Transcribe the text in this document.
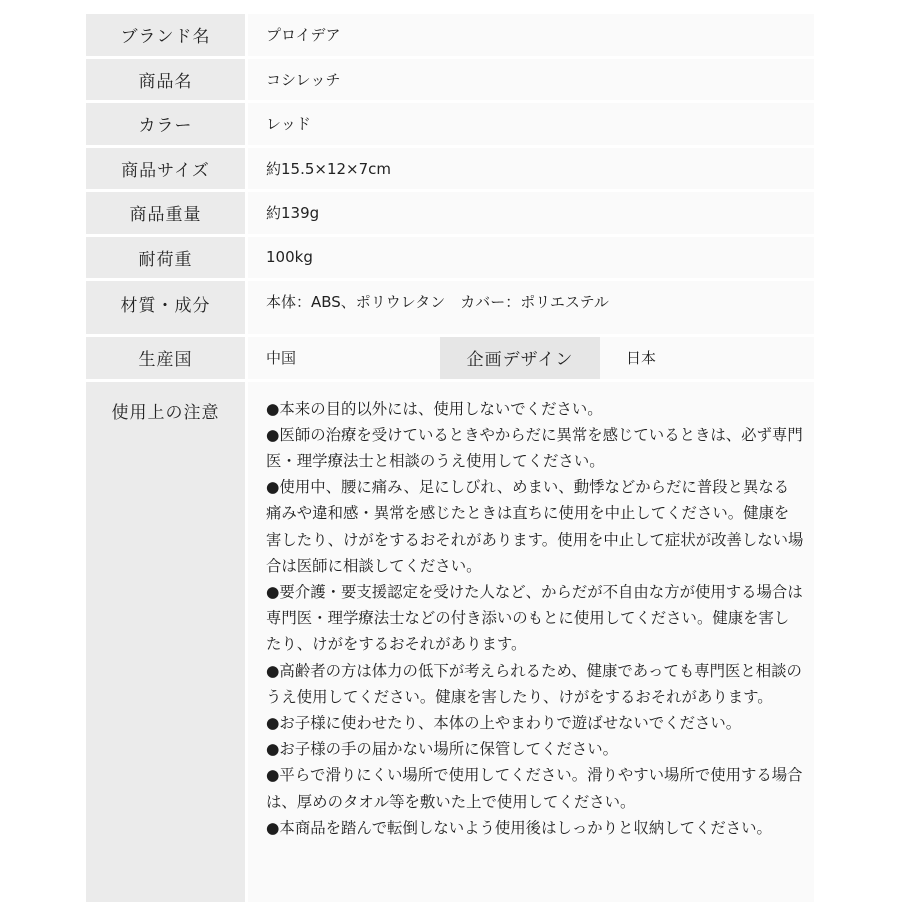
ブランド名	プロイデア
商品名	コシレッチ
カラー	レッド
商品サイズ	約15.5×12×7cm
商品重量	約139g
耐荷重	100kg
材質・成分	本体：ABS、ポリウレタン　カバー：ポリエステル
生産国	中国	企画デザイン	日本
使用上の注意	●本来の目的以外には、使用しないでください。

●医師の治療を受けているときやからだに異常を感じているときは、必ず専門医・理学療法士と相談のうえ使用してください。

●使用中、腰に痛み、足にしびれ、めまい、動悸などからだに普段と異なる痛みや違和感・異常を感じたときは直ちに使用を中止してください。健康を害したり、けがをするおそれがあります。使用を中止して症状が改善しない場合は医師に相談してください。

●要介護・要支援認定を受けた人など、からだが不自由な方が使用する場合は専門医・理学療法士などの付き添いのもとに使用してください。健康を害したり、けがをするおそれがあります。

●高齢者の方は体力の低下が考えられるため、健康であっても専門医と相談のうえ使用してください。健康を害したり、けがをするおそれがあります。

●お子様に使わせたり、本体の上やまわりで遊ばせないでください。

●お子様の手の届かない場所に保管してください。

●平らで滑りにくい場所で使用してください。滑りやすい場所で使用する場合は、厚めのタオル等を敷いた上で使用してください。

●本商品を踏んで転倒しないよう使用後はしっかりと収納してください。
